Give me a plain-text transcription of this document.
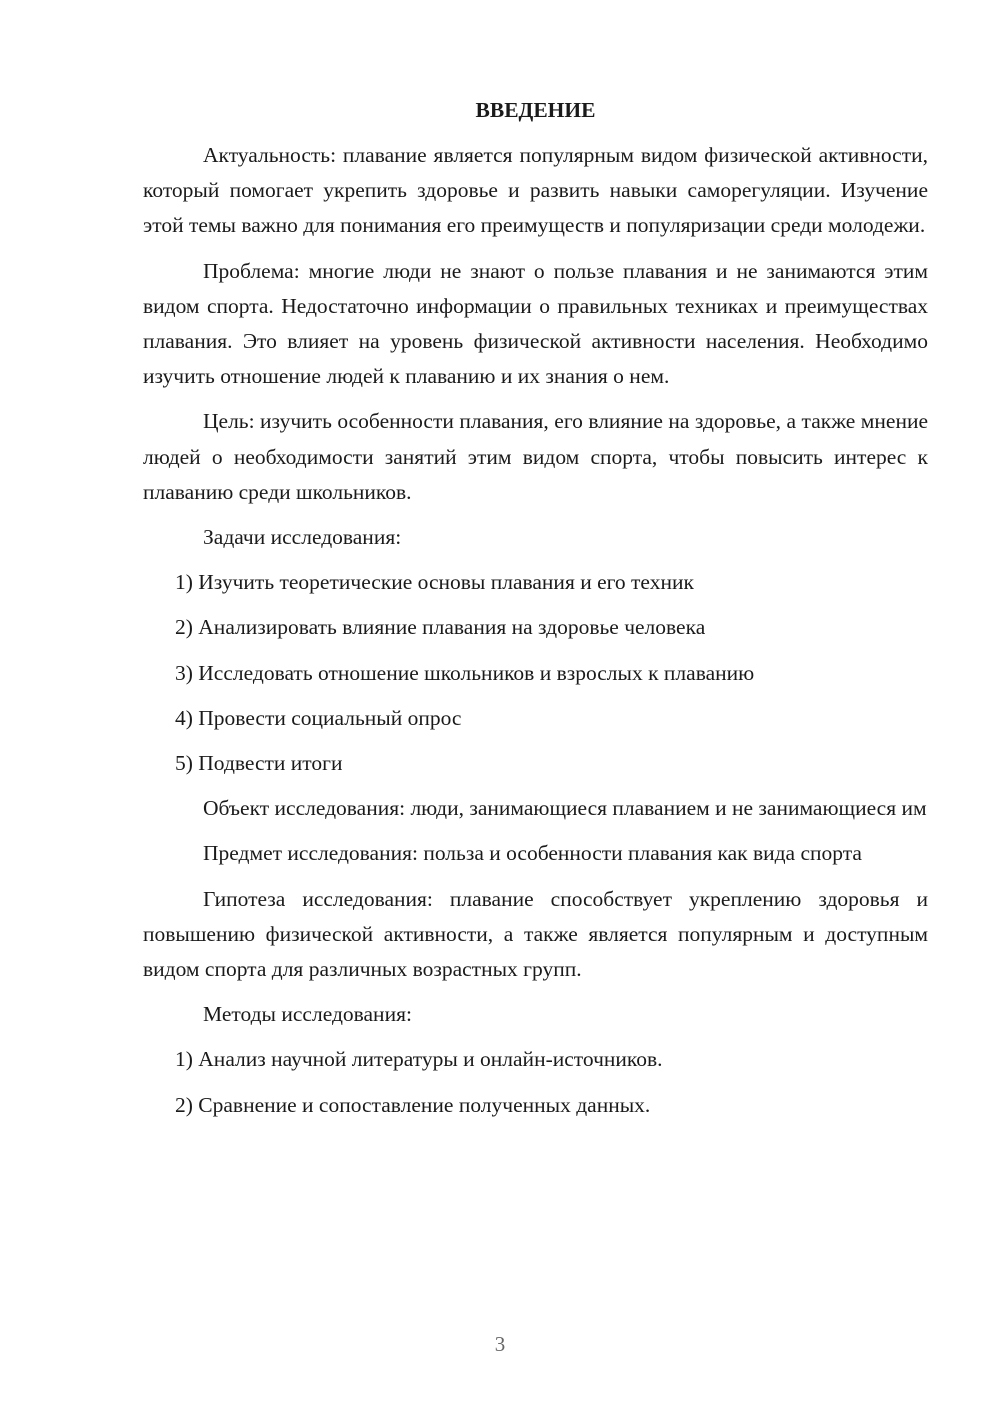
ВВЕДЕНИЕ

Актуальность: плавание является популярным видом физической активности, который помогает укрепить здоровье и развить навыки саморегуляции. Изучение этой темы важно для понимания его преимуществ и популяризации среди молодежи.

Проблема: многие люди не знают о пользе плавания и не занимаются этим видом спорта. Недостаточно информации о правильных техниках и преимуществах плавания. Это влияет на уровень физической активности населения. Необходимо изучить отношение людей к плаванию и их знания о нем.

Цель: изучить особенности плавания, его влияние на здоровье, а также мнение людей о необходимости занятий этим видом спорта, чтобы повысить интерес к плаванию среди школьников.

Задачи исследования:

1) Изучить теоретические основы плавания и его техник

2) Анализировать влияние плавания на здоровье человека

3) Исследовать отношение школьников и взрослых к плаванию

4) Провести социальный опрос

5) Подвести итоги

Объект исследования: люди, занимающиеся плаванием и не занимающиеся им

Предмет исследования: польза и особенности плавания как вида спорта

Гипотеза исследования: плавание способствует укреплению здоровья и повышению физической активности, а также является популярным и доступным видом спорта для различных возрастных групп.

Методы исследования:

1) Анализ научной литературы и онлайн-источников.

2) Сравнение и сопоставление полученных данных.

3
